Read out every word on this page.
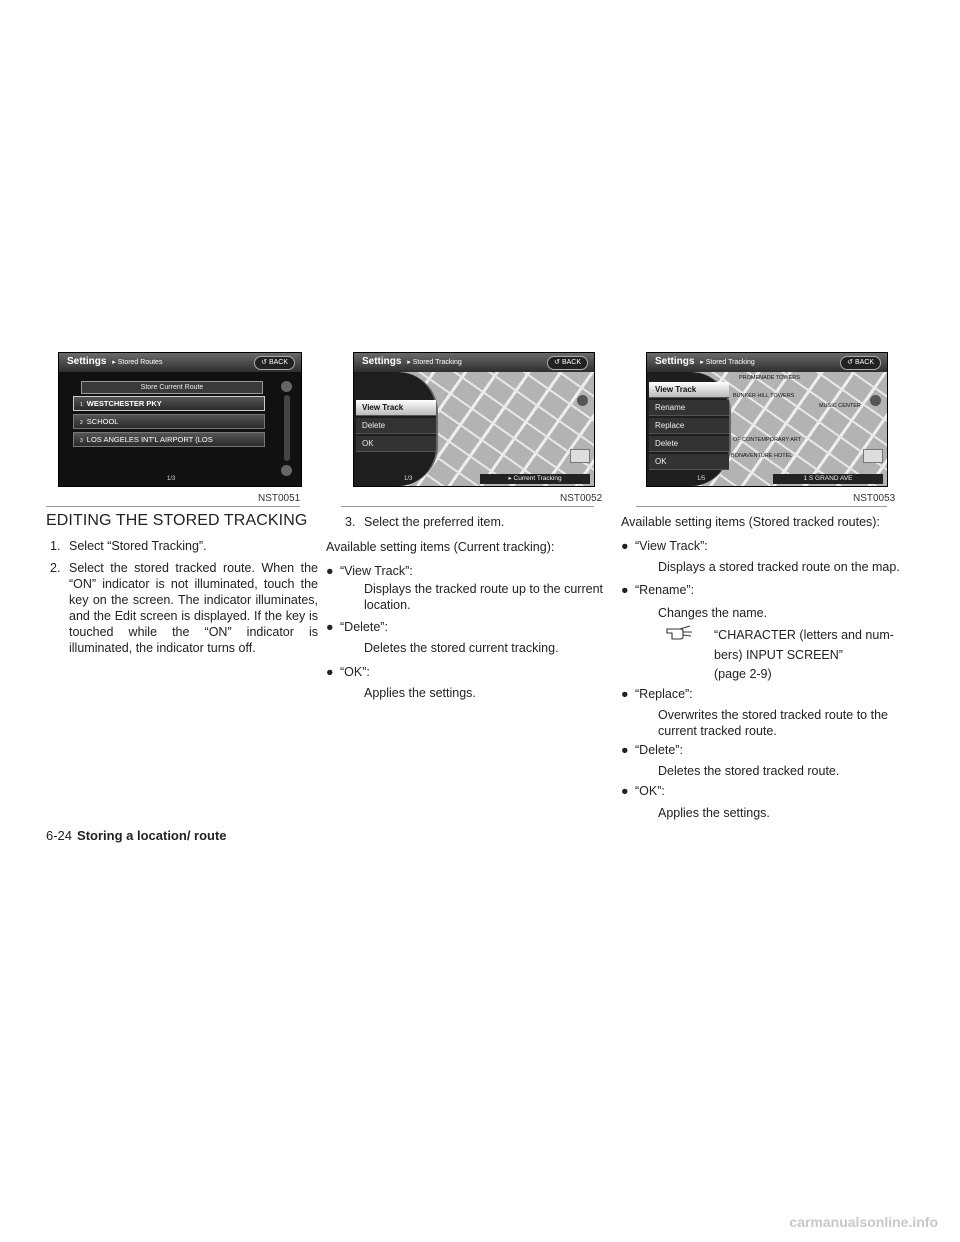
Settings ▸ Stored Routes	↺ BACK
Store Current Route
1 WESTCHESTER PKY
2 SCHOOL
3 LOS ANGELES INT'L AIRPORT (LOS
1/3
NST0051
Settings ▸ Stored Tracking	↺ BACK
View Track
Delete
OK
1/3	▸ Current Tracking
NST0052
Settings ▸ Stored Tracking	↺ BACK
PROMENADE TOWERS
BUNKER HILL TOWERS
MUSIC CENTER
OF CONTEMPORARY ART
BONAVENTURE HOTEL
View Track
Rename
Replace
Delete
OK
1/5	1 S GRAND AVE
NST0053
EDITING THE STORED TRACKING
1. Select “Stored Tracking”.
2. Select the stored tracked route. When the “ON” indicator is not illuminated, touch the key on the screen. The indicator illuminates, and the Edit screen is displayed. If the key is touched while the “ON” indicator is illuminated, the indicator turns off.
3. Select the preferred item.
Available setting items (Current tracking):
● “View Track”:
Displays the tracked route up to the current location.
● “Delete”:
Deletes the stored current tracking.
● “OK”:
Applies the settings.
Available setting items (Stored tracked routes):
● “View Track”:
Displays a stored tracked route on the map.
● “Rename”:
Changes the name.
“CHARACTER (letters and num-
bers) INPUT SCREEN”
(page 2-9)
● “Replace”:
Overwrites the stored tracked route to the current tracked route.
● “Delete”:
Deletes the stored tracked route.
● “OK”:
Applies the settings.
6-24 Storing a location/ route
carmanualsonline.info
